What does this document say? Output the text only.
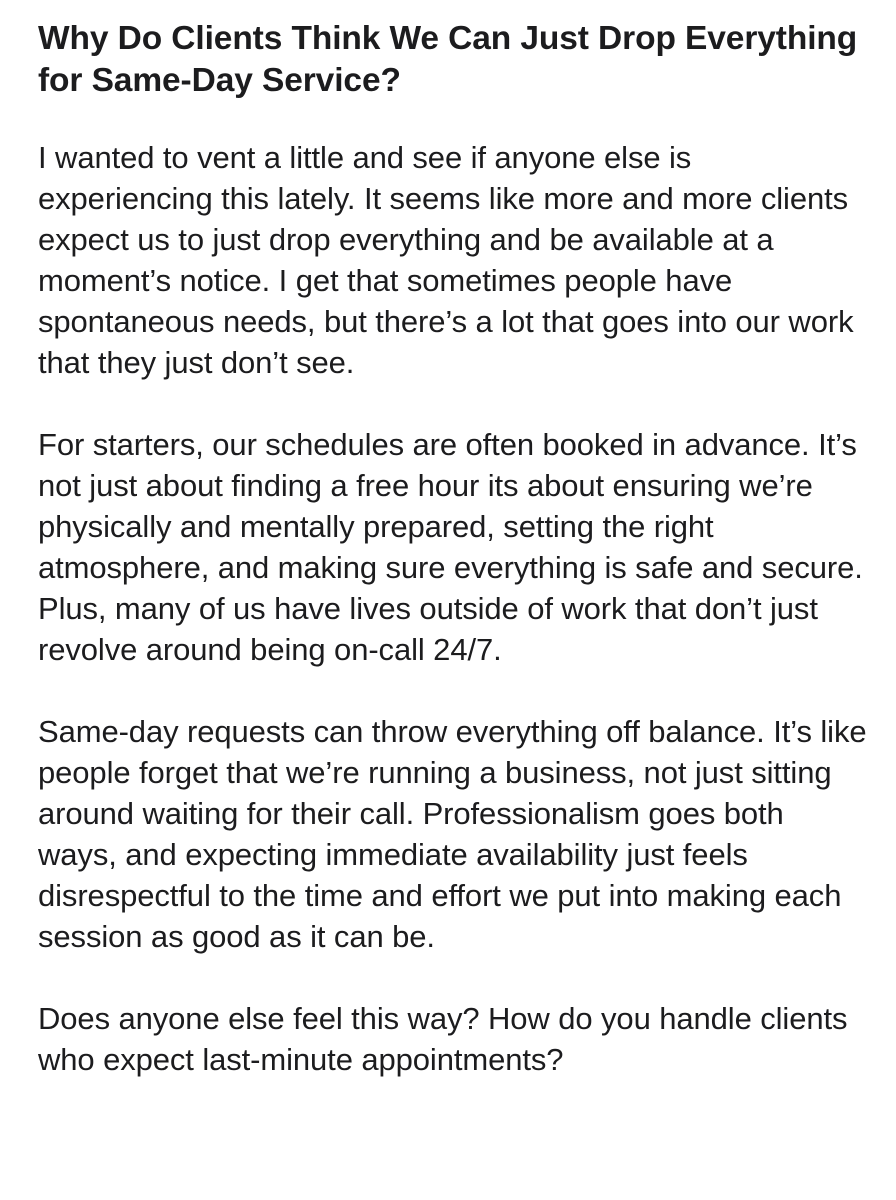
Why Do Clients Think We Can Just Drop Everything for Same-Day Service?

I wanted to vent a little and see if anyone else is experiencing this lately. It seems like more and more clients expect us to just drop everything and be available at a moment’s notice. I get that sometimes people have spontaneous needs, but there’s a lot that goes into our work that they just don’t see.

For starters, our schedules are often booked in advance. It’s not just about finding a free hour its about ensuring we’re physically and mentally prepared, setting the right atmosphere, and making sure everything is safe and secure. Plus, many of us have lives outside of work that don’t just revolve around being on-call 24/7.

Same-day requests can throw everything off balance. It’s like people forget that we’re running a business, not just sitting around waiting for their call. Professionalism goes both ways, and expecting immediate availability just feels disrespectful to the time and effort we put into making each session as good as it can be.

Does anyone else feel this way? How do you handle clients who expect last-minute appointments?
